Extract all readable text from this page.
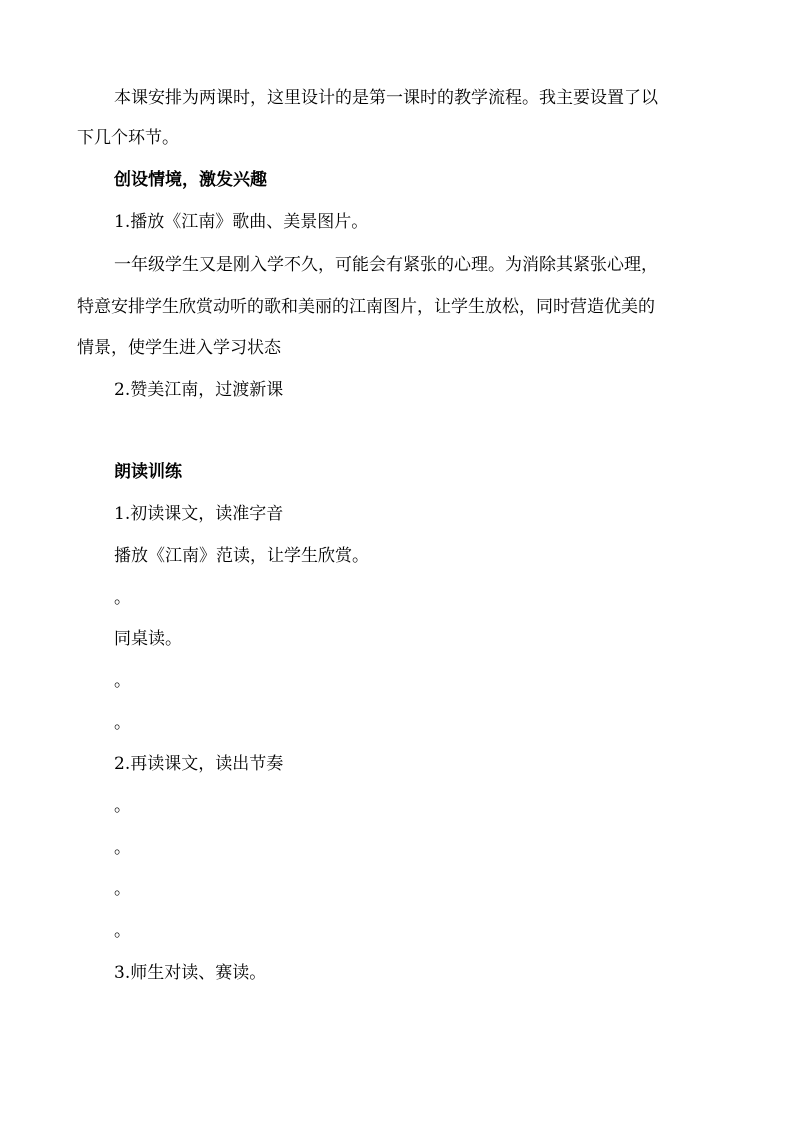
本课安排为两课时，这里设计的是第一课时的教学流程。我主要设置了以
下几个环节。
创设情境，激发兴趣
1.播放《江南》歌曲、美景图片。
一年级学生又是刚入学不久，可能会有紧张的心理。为消除其紧张心理，
特意安排学生欣赏动听的歌和美丽的江南图片，让学生放松，同时营造优美的
情景，使学生进入学习状态
2.赞美江南，过渡新课
朗读训练
1.初读课文，读准字音
播放《江南》范读，让学生欣赏。
。
同桌读。
。
。
2.再读课文，读出节奏
。
。
。
。
3.师生对读、赛读。
